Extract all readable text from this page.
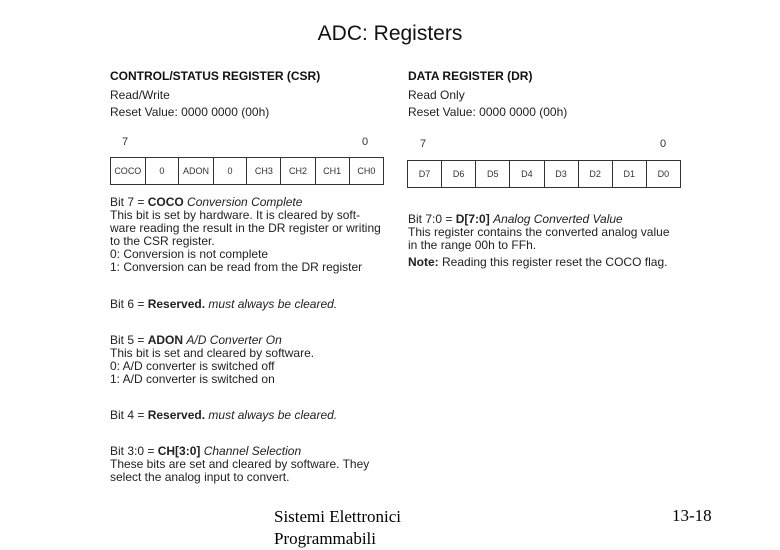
ADC: Registers
CONTROL/STATUS REGISTER (CSR)
Read/Write
Reset Value: 0000 0000 (00h)
7	0
COCO	0	ADON	0	CH3	CH2	CH1	CH0
Bit 7 = COCO Conversion Complete
This bit is set by hardware. It is cleared by soft-
ware reading the result in the DR register or writing
to the CSR register.
0: Conversion is not complete
1: Conversion can be read from the DR register
Bit 6 = Reserved. must always be cleared.
Bit 5 = ADON A/D Converter On
This bit is set and cleared by software.
0: A/D converter is switched off
1: A/D converter is switched on
Bit 4 = Reserved. must always be cleared.
Bit 3:0 = CH[3:0] Channel Selection
These bits are set and cleared by software. They
select the analog input to convert.
DATA REGISTER (DR)
Read Only
Reset Value: 0000 0000 (00h)
7	0
D7	D6	D5	D4	D3	D2	D1	D0
Bit 7:0 = D[7:0] Analog Converted Value
This register contains the converted analog value
in the range 00h to FFh.
Note: Reading this register reset the COCO flag.
Sistemi Elettronici Programmabili
13-18
